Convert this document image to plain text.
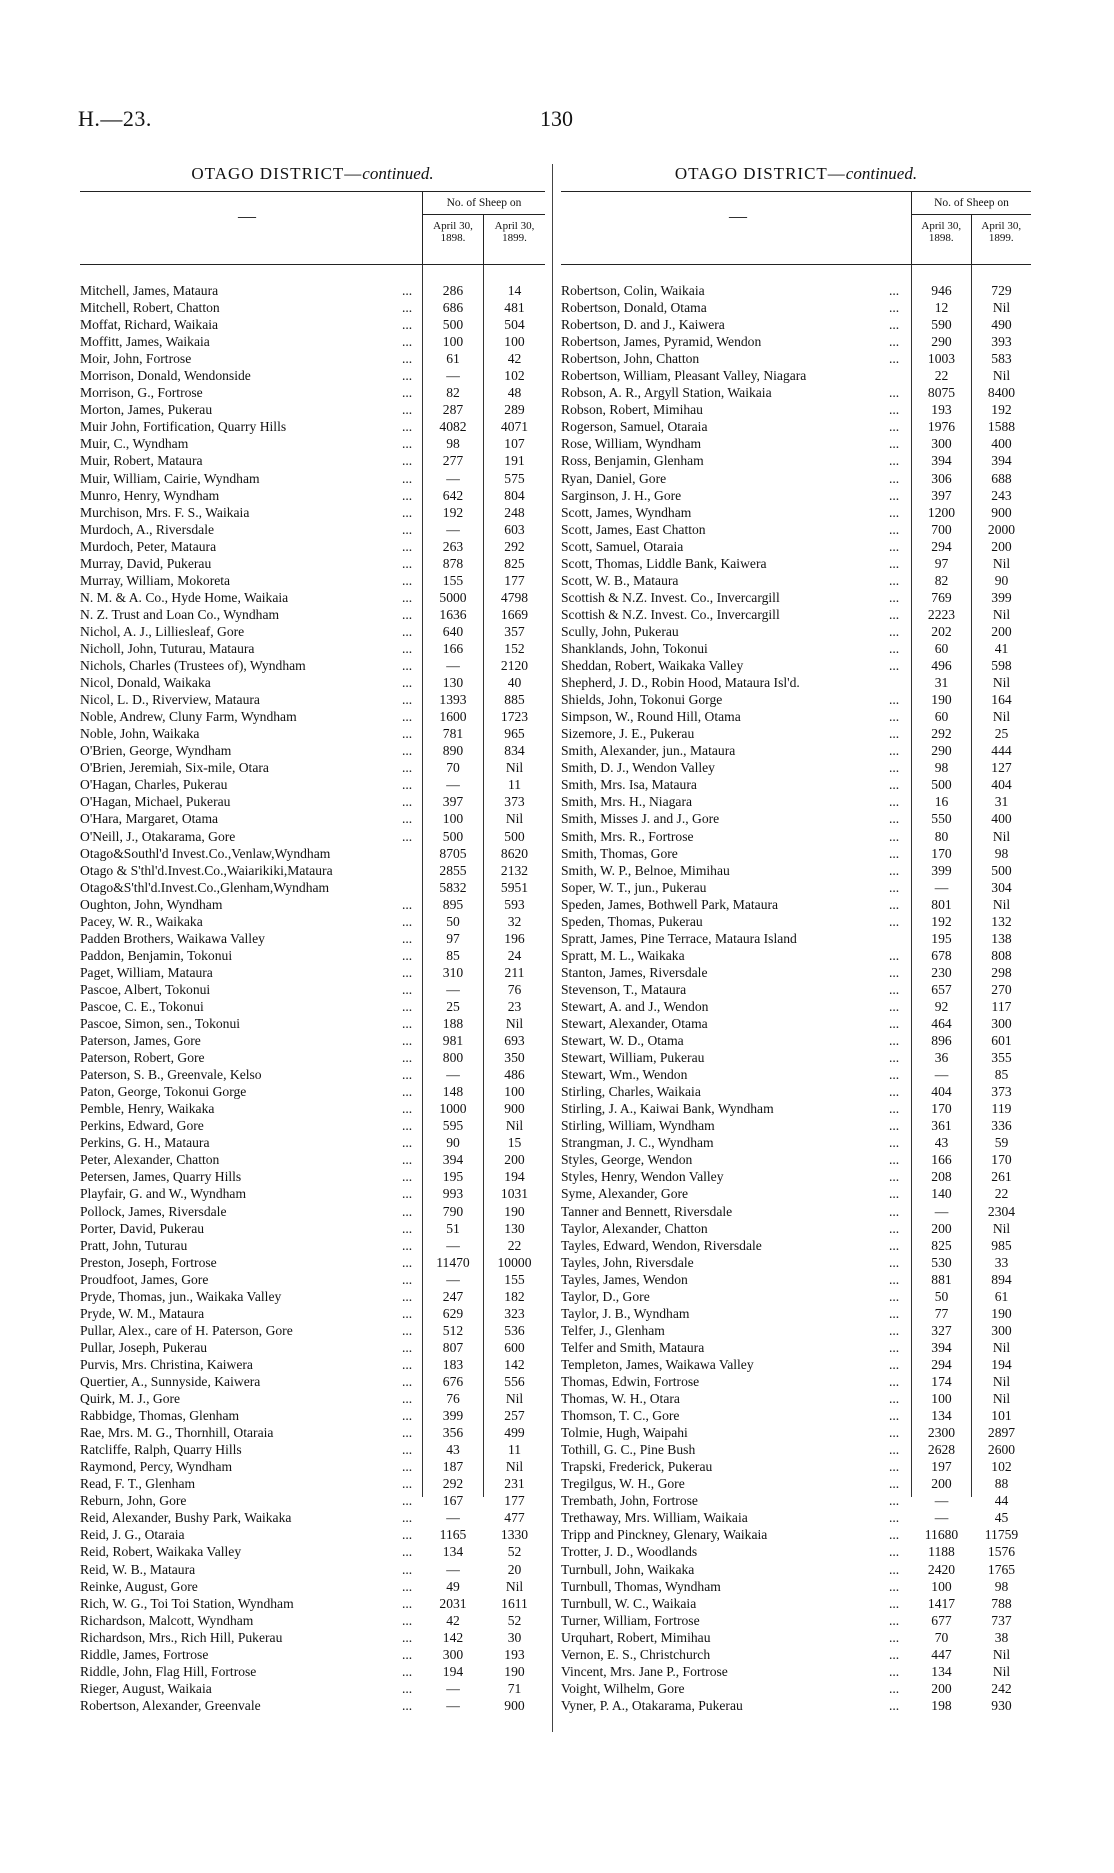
H.—23.	130
OTAGO DISTRICT—continued.
—
No. of Sheep on
April 30, 1898.
April 30, 1899.
Mitchell, James, Mataura	...	286	14
Mitchell, Robert, Chatton	...	686	481
Moffat, Richard, Waikaia	...	500	504
Moffitt, James, Waikaia	...	100	100
Moir, John, Fortrose	...	61	42
Morrison, Donald, Wendonside	...	—	102
Morrison, G., Fortrose	...	82	48
Morton, James, Pukerau	...	287	289
Muir John, Fortification, Quarry Hills	...	4082	4071
Muir, C., Wyndham	...	98	107
Muir, Robert, Mataura	...	277	191
Muir, William, Cairie, Wyndham	...	—	575
Munro, Henry, Wyndham	...	642	804
Murchison, Mrs. F. S., Waikaia	...	192	248
Murdoch, A., Riversdale	...	—	603
Murdoch, Peter, Mataura	...	263	292
Murray, David, Pukerau	...	878	825
Murray, William, Mokoreta	...	155	177
N. M. & A. Co., Hyde Home, Waikaia	...	5000	4798
N. Z. Trust and Loan Co., Wyndham	...	1636	1669
Nichol, A. J., Lilliesleaf, Gore	...	640	357
Nicholl, John, Tuturau, Mataura	...	166	152
Nichols, Charles (Trustees of), Wyndham	...	—	2120
Nicol, Donald, Waikaka	...	130	40
Nicol, L. D., Riverview, Mataura	...	1393	885
Noble, Andrew, Cluny Farm, Wyndham	...	1600	1723
Noble, John, Waikaka	...	781	965
O'Brien, George, Wyndham	...	890	834
O'Brien, Jeremiah, Six-mile, Otara	...	70	Nil
O'Hagan, Charles, Pukerau	...	—	11
O'Hagan, Michael, Pukerau	...	397	373
O'Hara, Margaret, Otama	...	100	Nil
O'Neill, J., Otakarama, Gore	...	500	500
Otago&Southl'd Invest.Co.,Venlaw,Wyndham	8705	8620
Otago & S'thl'd.Invest.Co.,Waiarikiki,Mataura	2855	2132
Otago&S'thl'd.Invest.Co.,Glenham,Wyndham	5832	5951
Oughton, John, Wyndham	...	895	593
Pacey, W. R., Waikaka	...	50	32
Padden Brothers, Waikawa Valley	...	97	196
Paddon, Benjamin, Tokonui	...	85	24
Paget, William, Mataura	...	310	211
Pascoe, Albert, Tokonui	...	—	76
Pascoe, C. E., Tokonui	...	25	23
Pascoe, Simon, sen., Tokonui	...	188	Nil
Paterson, James, Gore	...	981	693
Paterson, Robert, Gore	...	800	350
Paterson, S. B., Greenvale, Kelso	...	—	486
Paton, George, Tokonui Gorge	...	148	100
Pemble, Henry, Waikaka	...	1000	900
Perkins, Edward, Gore	...	595	Nil
Perkins, G. H., Mataura	...	90	15
Peter, Alexander, Chatton	...	394	200
Petersen, James, Quarry Hills	...	195	194
Playfair, G. and W., Wyndham	...	993	1031
Pollock, James, Riversdale	...	790	190
Porter, David, Pukerau	...	51	130
Pratt, John, Tuturau	...	—	22
Preston, Joseph, Fortrose	...	11470	10000
Proudfoot, James, Gore	...	—	155
Pryde, Thomas, jun., Waikaka Valley	...	247	182
Pryde, W. M., Mataura	...	629	323
Pullar, Alex., care of H. Paterson, Gore	...	512	536
Pullar, Joseph, Pukerau	...	807	600
Purvis, Mrs. Christina, Kaiwera	...	183	142
Quertier, A., Sunnyside, Kaiwera	...	676	556
Quirk, M. J., Gore	...	76	Nil
Rabbidge, Thomas, Glenham	...	399	257
Rae, Mrs. M. G., Thornhill, Otaraia	...	356	499
Ratcliffe, Ralph, Quarry Hills	...	43	11
Raymond, Percy, Wyndham	...	187	Nil
Read, F. T., Glenham	...	292	231
Reburn, John, Gore	...	167	177
Reid, Alexander, Bushy Park, Waikaka	...	—	477
Reid, J. G., Otaraia	...	1165	1330
Reid, Robert, Waikaka Valley	...	134	52
Reid, W. B., Mataura	...	—	20
Reinke, August, Gore	...	49	Nil
Rich, W. G., Toi Toi Station, Wyndham	...	2031	1611
Richardson, Malcott, Wyndham	...	42	52
Richardson, Mrs., Rich Hill, Pukerau	...	142	30
Riddle, James, Fortrose	...	300	193
Riddle, John, Flag Hill, Fortrose	...	194	190
Rieger, August, Waikaia	...	—	71
Robertson, Alexander, Greenvale	...	—	900
OTAGO DISTRICT—continued.
—
No. of Sheep on
April 30, 1898.
April 30, 1899.
Robertson, Colin, Waikaia	...	946	729
Robertson, Donald, Otama	...	12	Nil
Robertson, D. and J., Kaiwera	...	590	490
Robertson, James, Pyramid, Wendon	...	290	393
Robertson, John, Chatton	...	1003	583
Robertson, William, Pleasant Valley, Niagara	22	Nil
Robson, A. R., Argyll Station, Waikaia	...	8075	8400
Robson, Robert, Mimihau	...	193	192
Rogerson, Samuel, Otaraia	...	1976	1588
Rose, William, Wyndham	...	300	400
Ross, Benjamin, Glenham	...	394	394
Ryan, Daniel, Gore	...	306	688
Sarginson, J. H., Gore	...	397	243
Scott, James, Wyndham	...	1200	900
Scott, James, East Chatton	...	700	2000
Scott, Samuel, Otaraia	...	294	200
Scott, Thomas, Liddle Bank, Kaiwera	...	97	Nil
Scott, W. B., Mataura	...	82	90
Scottish & N.Z. Invest. Co., Invercargill	...	769	399
Scottish & N.Z. Invest. Co., Invercargill	...	2223	Nil
Scully, John, Pukerau	...	202	200
Shanklands, John, Tokonui	...	60	41
Sheddan, Robert, Waikaka Valley	...	496	598
Shepherd, J. D., Robin Hood, Mataura Isl'd.	31	Nil
Shields, John, Tokonui Gorge	...	190	164
Simpson, W., Round Hill, Otama	...	60	Nil
Sizemore, J. E., Pukerau	...	292	25
Smith, Alexander, jun., Mataura	...	290	444
Smith, D. J., Wendon Valley	...	98	127
Smith, Mrs. Isa, Mataura	...	500	404
Smith, Mrs. H., Niagara	...	16	31
Smith, Misses J. and J., Gore	...	550	400
Smith, Mrs. R., Fortrose	...	80	Nil
Smith, Thomas, Gore	...	170	98
Smith, W. P., Belnoe, Mimihau	...	399	500
Soper, W. T., jun., Pukerau	...	—	304
Speden, James, Bothwell Park, Mataura	...	801	Nil
Speden, Thomas, Pukerau	...	192	132
Spratt, James, Pine Terrace, Mataura Island	195	138
Spratt, M. L., Waikaka	...	678	808
Stanton, James, Riversdale	...	230	298
Stevenson, T., Mataura	...	657	270
Stewart, A. and J., Wendon	...	92	117
Stewart, Alexander, Otama	...	464	300
Stewart, W. D., Otama	...	896	601
Stewart, William, Pukerau	...	36	355
Stewart, Wm., Wendon	...	—	85
Stirling, Charles, Waikaia	...	404	373
Stirling, J. A., Kaiwai Bank, Wyndham	...	170	119
Stirling, William, Wyndham	...	361	336
Strangman, J. C., Wyndham	...	43	59
Styles, George, Wendon	...	166	170
Styles, Henry, Wendon Valley	...	208	261
Syme, Alexander, Gore	...	140	22
Tanner and Bennett, Riversdale	...	—	2304
Taylor, Alexander, Chatton	...	200	Nil
Tayles, Edward, Wendon, Riversdale	...	825	985
Tayles, John, Riversdale	...	530	33
Tayles, James, Wendon	...	881	894
Taylor, D., Gore	...	50	61
Taylor, J. B., Wyndham	...	77	190
Telfer, J., Glenham	...	327	300
Telfer and Smith, Mataura	...	394	Nil
Templeton, James, Waikawa Valley	...	294	194
Thomas, Edwin, Fortrose	...	174	Nil
Thomas, W. H., Otara	...	100	Nil
Thomson, T. C., Gore	...	134	101
Tolmie, Hugh, Waipahi	...	2300	2897
Tothill, G. C., Pine Bush	...	2628	2600
Trapski, Frederick, Pukerau	...	197	102
Tregilgus, W. H., Gore	...	200	88
Trembath, John, Fortrose	...	—	44
Trethaway, Mrs. William, Waikaia	...	—	45
Tripp and Pinckney, Glenary, Waikaia	...	11680	11759
Trotter, J. D., Woodlands	...	1188	1576
Turnbull, John, Waikaka	...	2420	1765
Turnbull, Thomas, Wyndham	...	100	98
Turnbull, W. C., Waikaia	...	1417	788
Turner, William, Fortrose	...	677	737
Urquhart, Robert, Mimihau	...	70	38
Vernon, E. S., Christchurch	...	447	Nil
Vincent, Mrs. Jane P., Fortrose	...	134	Nil
Voight, Wilhelm, Gore	...	200	242
Vyner, P. A., Otakarama, Pukerau	...	198	930
